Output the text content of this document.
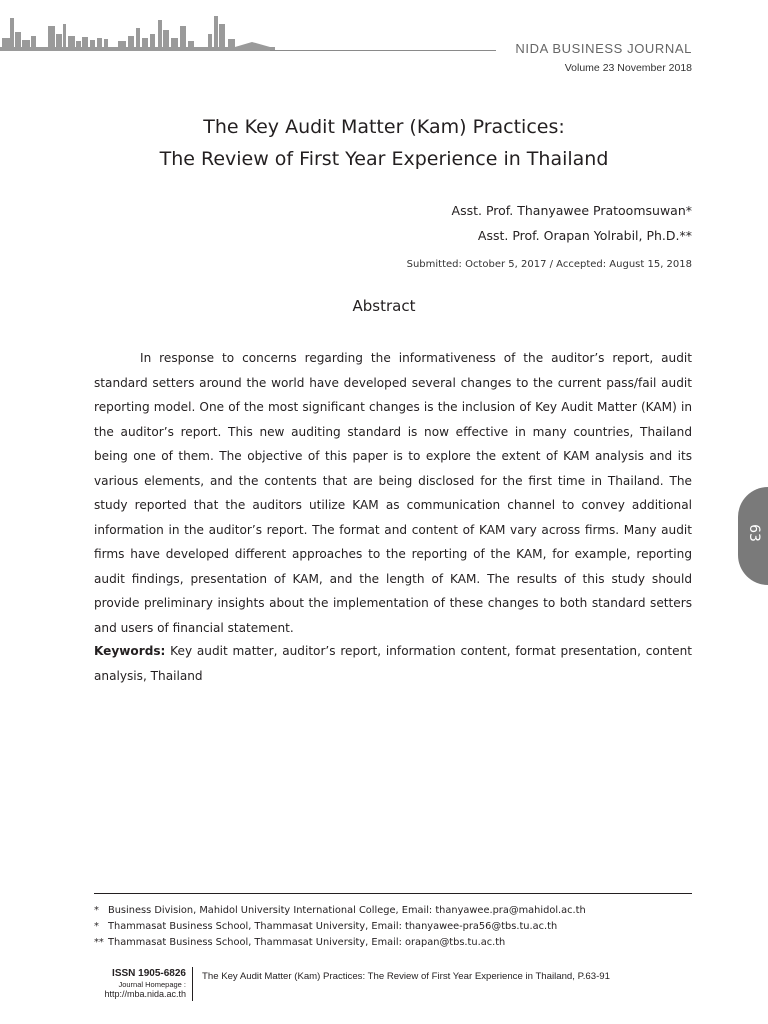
NIDA BUSINESS JOURNAL
Volume 23 November 2018
The Key Audit Matter (Kam) Practices:
The Review of First Year Experience in Thailand
Asst. Prof. Thanyawee Pratoomsuwan*
Asst. Prof. Orapan Yolrabil, Ph.D.**
Submitted: October 5, 2017 / Accepted: August 15, 2018
Abstract

In response to concerns regarding the informativeness of the auditor’s report, audit standard setters around the world have developed several changes to the current pass/fail audit reporting model. One of the most significant changes is the inclusion of Key Audit Matter (KAM) in the auditor’s report. This new auditing standard is now effective in many countries, Thailand being one of them. The objective of this paper is to explore the extent of KAM analysis and its various elements, and the contents that are being disclosed for the first time in Thailand. The study reported that the auditors utilize KAM as communication channel to convey additional information in the auditor’s report. The format and content of KAM vary across firms. Many audit firms have developed different approaches to the reporting of the KAM, for example, reporting audit findings, presentation of KAM, and the length of KAM. The results of this study should provide preliminary insights about the implementation of these changes to both standard setters and users of financial statement.

Keywords: Key audit matter, auditor’s report, information content, format presentation, content analysis, Thailand

63
* Business Division, Mahidol University International College, Email: thanyawee.pra@mahidol.ac.th
* Thammasat Business School, Thammasat University, Email: thanyawee-pra56@tbs.tu.ac.th
** Thammasat Business School, Thammasat University, Email: orapan@tbs.tu.ac.th
ISSN 1905-6826
Journal Homepage :
http://mba.nida.ac.th
The Key Audit Matter (Kam) Practices: The Review of First Year Experience in Thailand, P.63-91
